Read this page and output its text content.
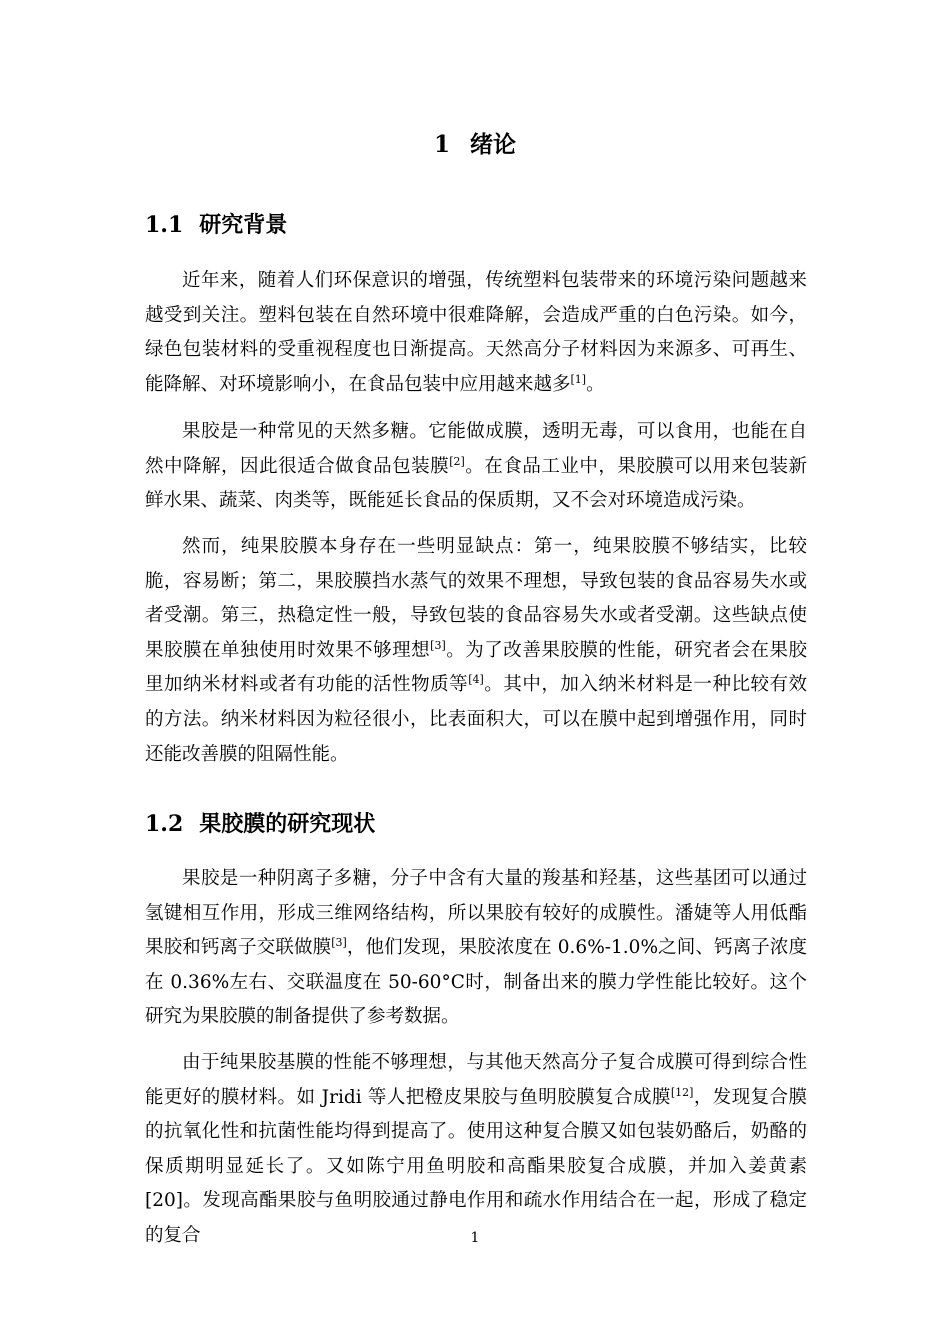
1 绪论
1.1 研究背景

近年来，随着人们环保意识的增强，传统塑料包装带来的环境污染问题越来越受到关注。塑料包装在自然环境中很难降解，会造成严重的白色污染。如今，绿色包装材料的受重视程度也日渐提高。天然高分子材料因为来源多、可再生、能降解、对环境影响小，在食品包装中应用越来越多[1]。

果胶是一种常见的天然多糖。它能做成膜，透明无毒，可以食用，也能在自然中降解，因此很适合做食品包装膜[2]。在食品工业中，果胶膜可以用来包装新鲜水果、蔬菜、肉类等，既能延长食品的保质期，又不会对环境造成污染。

然而，纯果胶膜本身存在一些明显缺点：第一，纯果胶膜不够结实，比较脆，容易断；第二，果胶膜挡水蒸气的效果不理想，导致包装的食品容易失水或者受潮。第三，热稳定性一般，导致包装的食品容易失水或者受潮。这些缺点使果胶膜在单独使用时效果不够理想[3]。为了改善果胶膜的性能，研究者会在果胶里加纳米材料或者有功能的活性物质等[4]。其中，加入纳米材料是一种比较有效的方法。纳米材料因为粒径很小，比表面积大，可以在膜中起到增强作用，同时还能改善膜的阻隔性能。

1.2 果胶膜的研究现状

果胶是一种阴离子多糖，分子中含有大量的羧基和羟基，这些基团可以通过氢键相互作用，形成三维网络结构，所以果胶有较好的成膜性。潘婕等人用低酯果胶和钙离子交联做膜[3]，他们发现，果胶浓度在 0.6%-1.0%之间、钙离子浓度在 0.36%左右、交联温度在 50-60°C时，制备出来的膜力学性能比较好。这个研究为果胶膜的制备提供了参考数据。

由于纯果胶基膜的性能不够理想，与其他天然高分子复合成膜可得到综合性能更好的膜材料。如 Jridi 等人把橙皮果胶与鱼明胶膜复合成膜[12]，发现复合膜的抗氧化性和抗菌性能均得到提高了。使用这种复合膜又如包装奶酪后，奶酪的保质期明显延长了。又如陈宁用鱼明胶和高酯果胶复合成膜，并加入姜黄素[20]。发现高酯果胶与鱼明胶通过静电作用和疏水作用结合在一起，形成了稳定的复合	1
